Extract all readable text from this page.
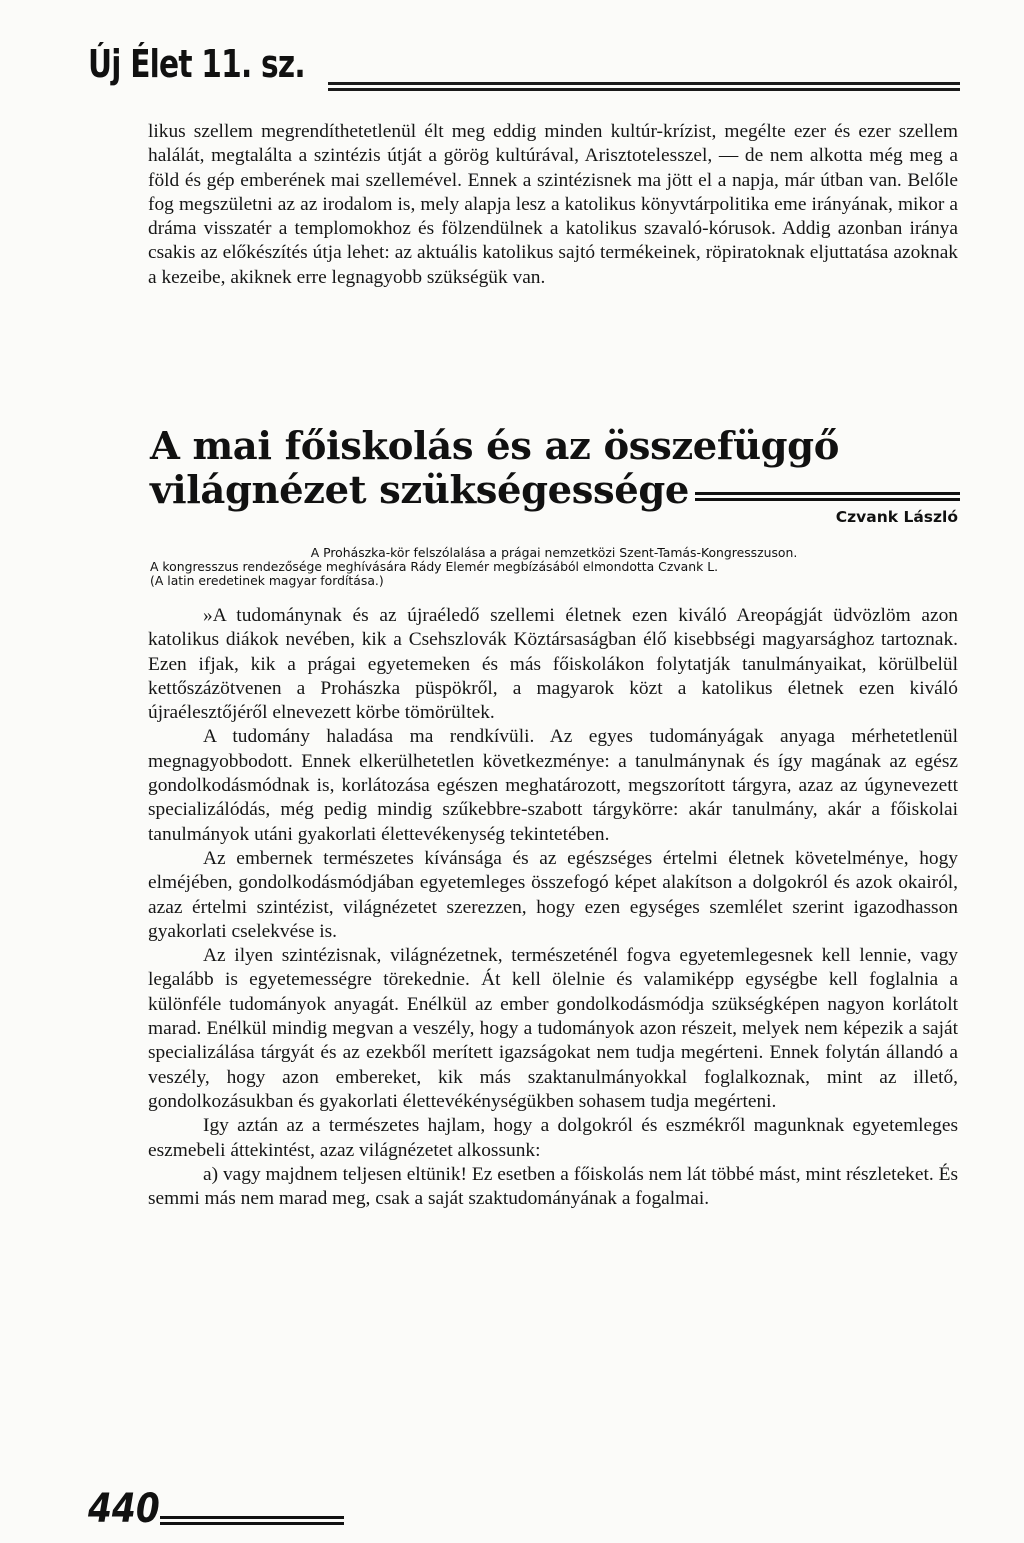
Új Élet 11. sz.

likus szellem megrendíthetetlenül élt meg eddig minden kultúr-krízist, megélte ezer és ezer szellem halálát, megtalálta a szintézis útját a görög kultúrával, Arisztotelesszel, — de nem alkotta még meg a föld és gép emberének mai szellemével. Ennek a szintézisnek ma jött el a napja, már útban van. Belőle fog megszületni az az irodalom is, mely alapja lesz a katolikus könyvtárpolitika eme irányának, mikor a dráma visszatér a templomokhoz és fölzendülnek a katolikus szavaló-kórusok. Addig azonban iránya csakis az előkészítés útja lehet: az aktuális katolikus sajtó termékeinek, röpiratoknak eljuttatása azoknak a kezeibe, akiknek erre legnagyobb szükségük van.

A mai főiskolás és az összefüggő
világnézet szükségessége
Czvank László
A Prohászka-kör felszólalása a prágai nemzetközi Szent-Tamás-Kongresszuson.
A kongresszus rendezősége meghívására Rády Elemér megbízásából elmondotta Czvank L.
(A latin eredetinek magyar fordítása.)

»A tudománynak és az újraéledő szellemi életnek ezen kiváló Areopágját üdvözlöm azon katolikus diákok nevében, kik a Csehszlovák Köztársaságban élő kisebbségi magyarsághoz tartoznak. Ezen ifjak, kik a prágai egyetemeken és más főiskolákon folytatják tanulmányaikat, körülbelül kettőszázötvenen a Prohászka püspökről, a magyarok közt a katolikus életnek ezen kiváló újraélesztőjéről elnevezett körbe tömörültek.

A tudomány haladása ma rendkívüli. Az egyes tudományágak anyaga mérhetetlenül megnagyobbodott. Ennek elkerülhetetlen következménye: a tanulmánynak és így magának az egész gondolkodásmódnak is, korlátozása egészen meghatározott, megszorított tárgyra, azaz az úgynevezett specializálódás, még pedig mindig szűkebbre-szabott tárgykörre: akár tanulmány, akár a főiskolai tanulmányok utáni gyakorlati élettevékenység tekintetében.

Az embernek természetes kívánsága és az egészséges értelmi életnek követelménye, hogy elméjében, gondolkodásmódjában egyetemleges összefogó képet alakítson a dolgokról és azok okairól, azaz értelmi szintézist, világnézetet szerezzen, hogy ezen egységes szemlélet szerint igazodhasson gyakorlati cselekvése is.

Az ilyen szintézisnak, világnézetnek, természeténél fogva egyetemlegesnek kell lennie, vagy legalább is egyetemességre törekednie. Át kell ölelnie és valamiképp egységbe kell foglalnia a különféle tudományok anyagát. Enélkül az ember gondolkodásmódja szükségképen nagyon korlátolt marad. Enélkül mindig megvan a veszély, hogy a tudományok azon részeit, melyek nem képezik a saját specializálása tárgyát és az ezekből merített igazságokat nem tudja megérteni. Ennek folytán állandó a veszély, hogy azon embereket, kik más szaktanulmányokkal foglalkoznak, mint az illető, gondolkozásukban és gyakorlati élettevékénységükben sohasem tudja megérteni.

Igy aztán az a természetes hajlam, hogy a dolgokról és eszmékről magunknak egyetemleges eszmebeli áttekintést, azaz világnézetet alkossunk:

a) vagy majdnem teljesen eltünik! Ez esetben a főiskolás nem lát többé mást, mint részleteket. És semmi más nem marad meg, csak a saját szaktudományának a fogalmai.

440
